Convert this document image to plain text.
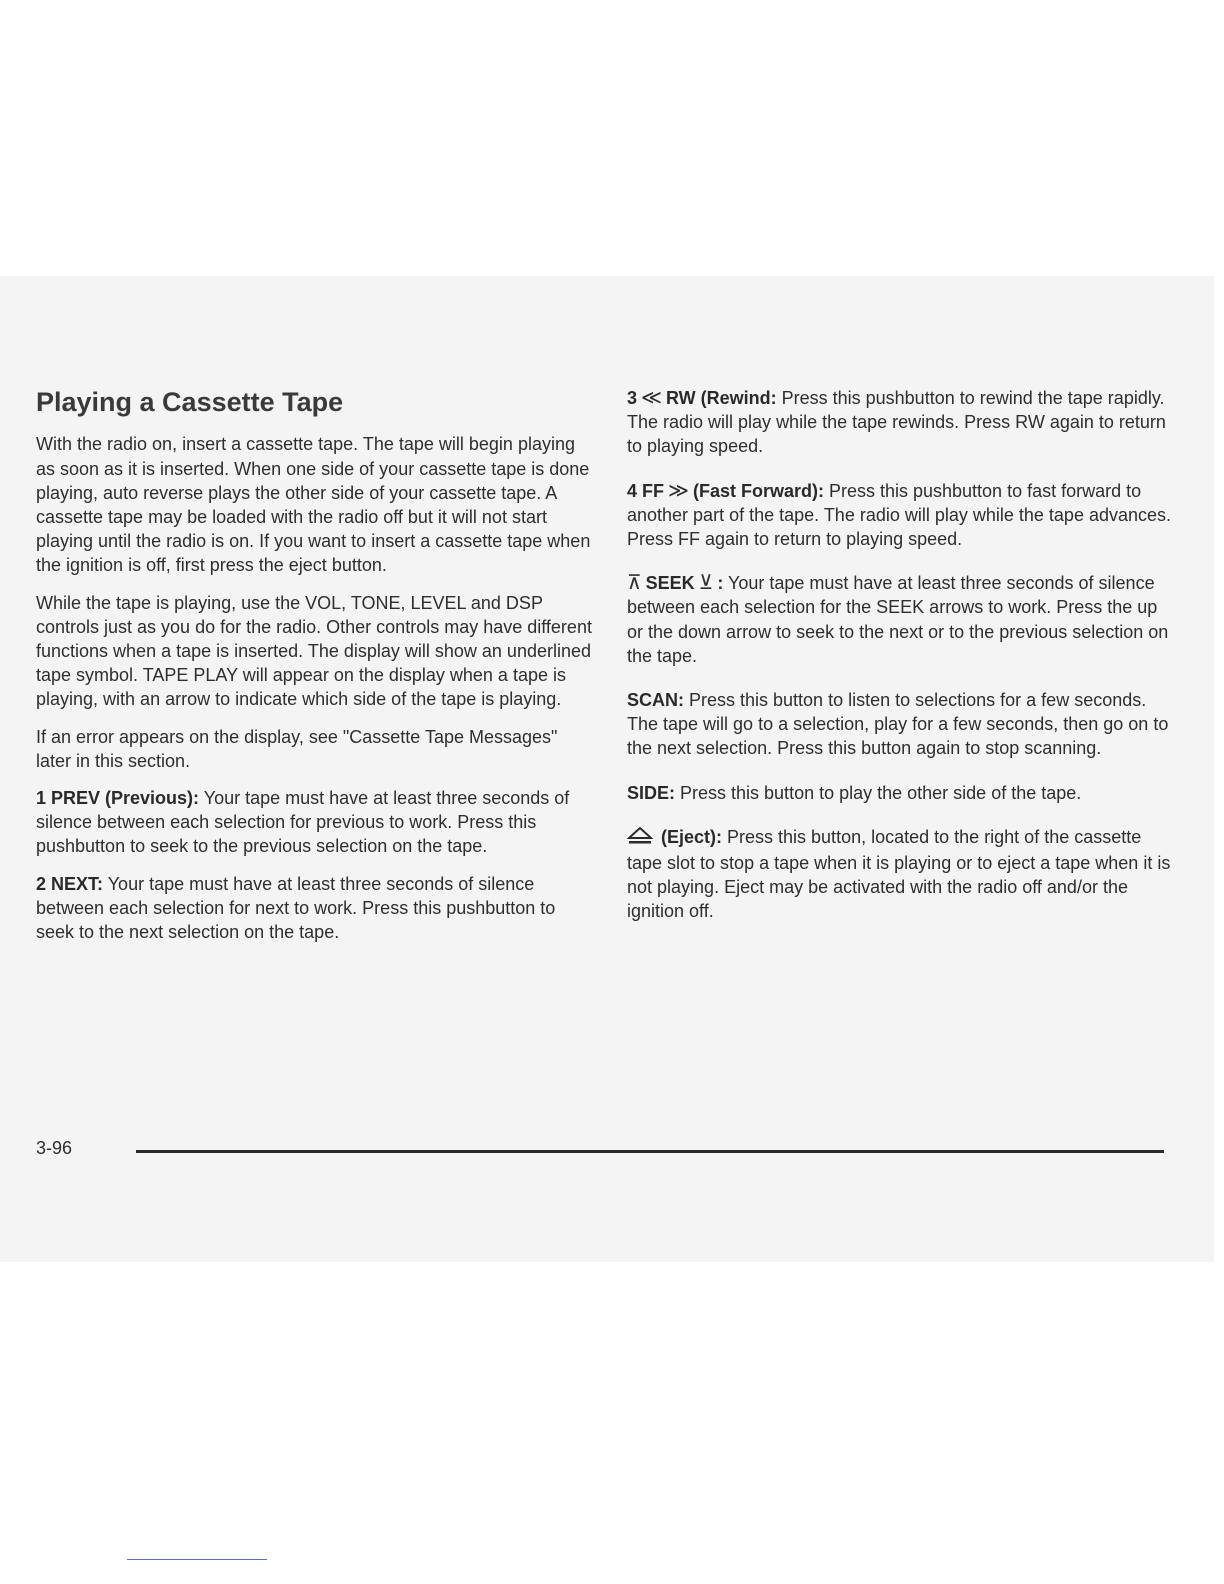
Playing a Cassette Tape

With the radio on, insert a cassette tape. The tape will begin playing as soon as it is inserted. When one side of your cassette tape is done playing, auto reverse plays the other side of your cassette tape. A cassette tape may be loaded with the radio off but it will not start playing until the radio is on. If you want to insert a cassette tape when the ignition is off, first press the eject button.

While the tape is playing, use the VOL, TONE, LEVEL and DSP controls just as you do for the radio. Other controls may have different functions when a tape is inserted. The display will show an underlined tape symbol. TAPE PLAY will appear on the display when a tape is playing, with an arrow to indicate which side of the tape is playing.

If an error appears on the display, see "Cassette Tape Messages" later in this section.

1 PREV (Previous): Your tape must have at least three seconds of silence between each selection for previous to work. Press this pushbutton to seek to the previous selection on the tape.

2 NEXT: Your tape must have at least three seconds of silence between each selection for next to work. Press this pushbutton to seek to the next selection on the tape.

3 ≪ RW (Rewind: Press this pushbutton to rewind the tape rapidly. The radio will play while the tape rewinds. Press RW again to return to playing speed.

4 FF ≫ (Fast Forward): Press this pushbutton to fast forward to another part of the tape. The radio will play while the tape advances. Press FF again to return to playing speed.

⊼ SEEK ⊻ : Your tape must have at least three seconds of silence between each selection for the SEEK arrows to work. Press the up or the down arrow to seek to the next or to the previous selection on the tape.

SCAN: Press this button to listen to selections for a few seconds. The tape will go to a selection, play for a few seconds, then go on to the next selection. Press this button again to stop scanning.

SIDE: Press this button to play the other side of the tape.

(Eject): Press this button, located to the right of the cassette tape slot to stop a tape when it is playing or to eject a tape when it is not playing. Eject may be activated with the radio off and/or the ignition off.

3-96
